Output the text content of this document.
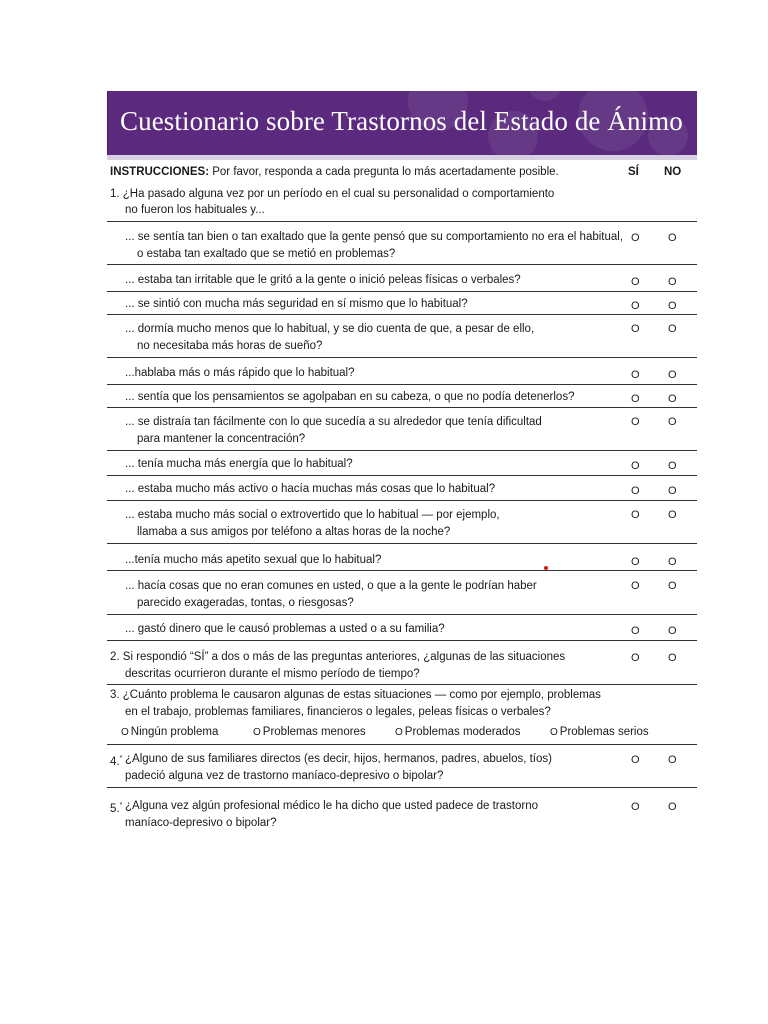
Cuestionario sobre Trastornos del Estado de Ánimo
INSTRUCCIONES: Por favor, responda a cada pregunta lo más acertadamente posible.	SÍ NO
1. ¿Ha pasado alguna vez por un período en el cual su personalidad o comportamiento
no fueron los habituales y...
... se sentía tan bien o tan exaltado que la gente pensó que su comportamiento no era el habitual,
o estaba tan exaltado que se metió en problemas?
O	O
... estaba tan irritable que le gritó a la gente o inició peleas físicas o verbales?	O	O
... se sintió con mucha más seguridad en sí mismo que lo habitual?	O	O
... dormía mucho menos que lo habitual, y se dio cuenta de que, a pesar de ello,
no necesitaba más horas de sueño?
O	O
...hablaba más o más rápido que lo habitual?	O	O
... sentía que los pensamientos se agolpaban en su cabeza, o que no podía detenerlos?	O	O
... se distraía tan fácilmente con lo que sucedía a su alrededor que tenía dificultad
para mantener la concentración?
O	O
... tenía mucha más energía que lo habitual?	O	O
... estaba mucho más activo o hacía muchas más cosas que lo habitual?	O	O
... estaba mucho más social o extrovertido que lo habitual — por ejemplo,
llamaba a sus amigos por teléfono a altas horas de la noche?
O	O
...tenía mucho más apetito sexual que lo habitual?	O	O
... hacía cosas que no eran comunes en usted, o que a la gente le podrían haber
parecido exageradas, tontas, o riesgosas?
O	O
... gastó dinero que le causó problemas a usted o a su familia?	O	O
2. Si respondió “SÍ” a dos o más de las preguntas anteriores, ¿algunas de las situaciones
descritas ocurrieron durante el mismo período de tiempo?
O	O
3. ¿Cuánto problema le causaron algunas de estas situaciones — como por ejemplo, problemas
en el trabajo, problemas familiares, financieros o legales, peleas físicas o verbales?
O Ningún problema	O Problemas menores	O Problemas moderados	O Problemas serios
4.* ¿Alguno de sus familiares directos (es decir, hijos, hermanos, padres, abuelos, tíos)
padeció alguna vez de trastorno maníaco-depresivo o bipolar?
O	O
5.* ¿Alguna vez algún profesional médico le ha dicho que usted padece de trastorno
maníaco-depresivo o bipolar?
O	O
